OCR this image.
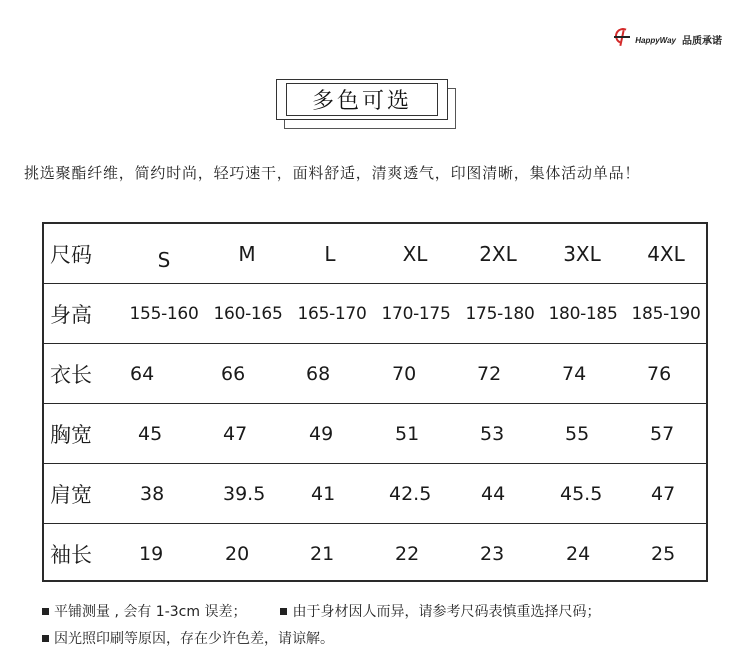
HappyWay 品质承诺
多色可选
挑选聚酯纤维，简约时尚，轻巧速干，面料舒适，清爽透气，印图清晰，集体活动单品！
尺码	S	M	L	XL	2XL	3XL	4XL
身高	155-160 160-165 165-170 170-175 175-180 180-185 185-190
衣长	64	66	68	70	72	74	76
胸宽	45	47	49	51	53	55	57
肩宽	38	39.5	41	42.5	44	45.5	47
袖长	19	20	21	22	23	24	25
平铺测量 , 会有 1-3cm 误差；	由于身材因人而异，请参考尺码表慎重选择尺码；
因光照印刷等原因，存在少许色差，请谅解。
